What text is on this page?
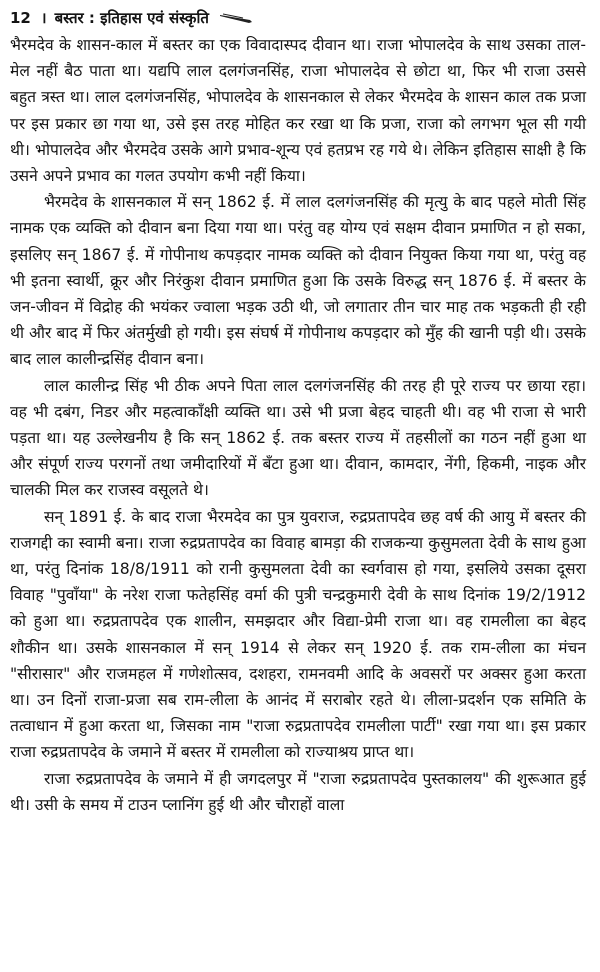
12 । बस्तर : इतिहास एवं संस्कृति

भैरमदेव के शासन-काल में बस्तर का एक विवादास्पद दीवान था। राजा भोपालदेव के साथ उसका ताल-मेल नहीं बैठ पाता था। यद्यपि लाल दलगंजनसिंह, राजा भोपालदेव से छोटा था, फिर भी राजा उससे बहुत त्रस्त था। लाल दलगंजनसिंह, भोपालदेव के शासनकाल से लेकर भैरमदेव के शासन काल तक प्रजा पर इस प्रकार छा गया था, उसे इस तरह मोहित कर रखा था कि प्रजा, राजा को लगभग भूल सी गयी थी। भोपालदेव और भैरमदेव उसके आगे प्रभाव-शून्य एवं हतप्रभ रह गये थे। लेकिन इतिहास साक्षी है कि उसने अपने प्रभाव का गलत उपयोग कभी नहीं किया।

भैरमदेव के शासनकाल में सन् 1862 ई. में लाल दलगंजनसिंह की मृत्यु के बाद पहले मोती सिंह नामक एक व्यक्ति को दीवान बना दिया गया था। परंतु वह योग्य एवं सक्षम दीवान प्रमाणित न हो सका, इसलिए सन् 1867 ई. में गोपीनाथ कपड़दार नामक व्यक्ति को दीवान नियुक्त किया गया था, परंतु वह भी इतना स्वार्थी, क्रूर और निरंकुश दीवान प्रमाणित हुआ कि उसके विरुद्ध सन् 1876 ई. में बस्तर के जन-जीवन में विद्रोह की भयंकर ज्वाला भड़क उठी थी, जो लगातार तीन चार माह तक भड़कती ही रही थी और बाद में फिर अंतर्मुखी हो गयी। इस संघर्ष में गोपीनाथ कपड़दार को मुँह की खानी पड़ी थी। उसके बाद लाल कालीन्द्रसिंह दीवान बना।

लाल कालीन्द्र सिंह भी ठीक अपने पिता लाल दलगंजनसिंह की तरह ही पूरे राज्य पर छाया रहा। वह भी दबंग, निडर और महत्वाकाँक्षी व्यक्ति था। उसे भी प्रजा बेहद चाहती थी। वह भी राजा से भारी पड़ता था। यह उल्लेखनीय है कि सन् 1862 ई. तक बस्तर राज्य में तहसीलों का गठन नहीं हुआ था और संपूर्ण राज्य परगनों तथा जमीदारियों में बँटा हुआ था। दीवान, कामदार, नेंगी, हिकमी, नाइक और चालकी मिल कर राजस्व वसूलते थे।

सन् 1891 ई. के बाद राजा भैरमदेव का पुत्र युवराज, रुद्रप्रतापदेव छह वर्ष की आयु में बस्तर की राजगद्दी का स्वामी बना। राजा रुद्रप्रतापदेव का विवाह बामड़ा की राजकन्या कुसुमलता देवी के साथ हुआ था, परंतु दिनांक 18/8/1911 को रानी कुसुमलता देवी का स्वर्गवास हो गया, इसलिये उसका दूसरा विवाह "पुवाँया" के नरेश राजा फतेहसिंह वर्मा की पुत्री चन्द्रकुमारी देवी के साथ दिनांक 19/2/1912 को हुआ था। रुद्रप्रतापदेव एक शालीन, समझदार और विद्या-प्रेमी राजा था। वह रामलीला का बेहद शौकीन था। उसके शासनकाल में सन् 1914 से लेकर सन् 1920 ई. तक राम-लीला का मंचन "सीरासार" और राजमहल में गणेशोत्सव, दशहरा, रामनवमी आदि के अवसरों पर अक्सर हुआ करता था। उन दिनों राजा-प्रजा सब राम-लीला के आनंद में सराबोर रहते थे। लीला-प्रदर्शन एक समिति के तत्वाधान में हुआ करता था, जिसका नाम "राजा रुद्रप्रतापदेव रामलीला पार्टी" रखा गया था। इस प्रकार राजा रुद्रप्रतापदेव के जमाने में बस्तर में रामलीला को राज्याश्रय प्राप्त था।

राजा रुद्रप्रतापदेव के जमाने में ही जगदलपुर में "राजा रुद्रप्रतापदेव पुस्तकालय" की शुरूआत हुई थी। उसी के समय में टाउन प्लानिंग हुई थी और चौराहों वाला
